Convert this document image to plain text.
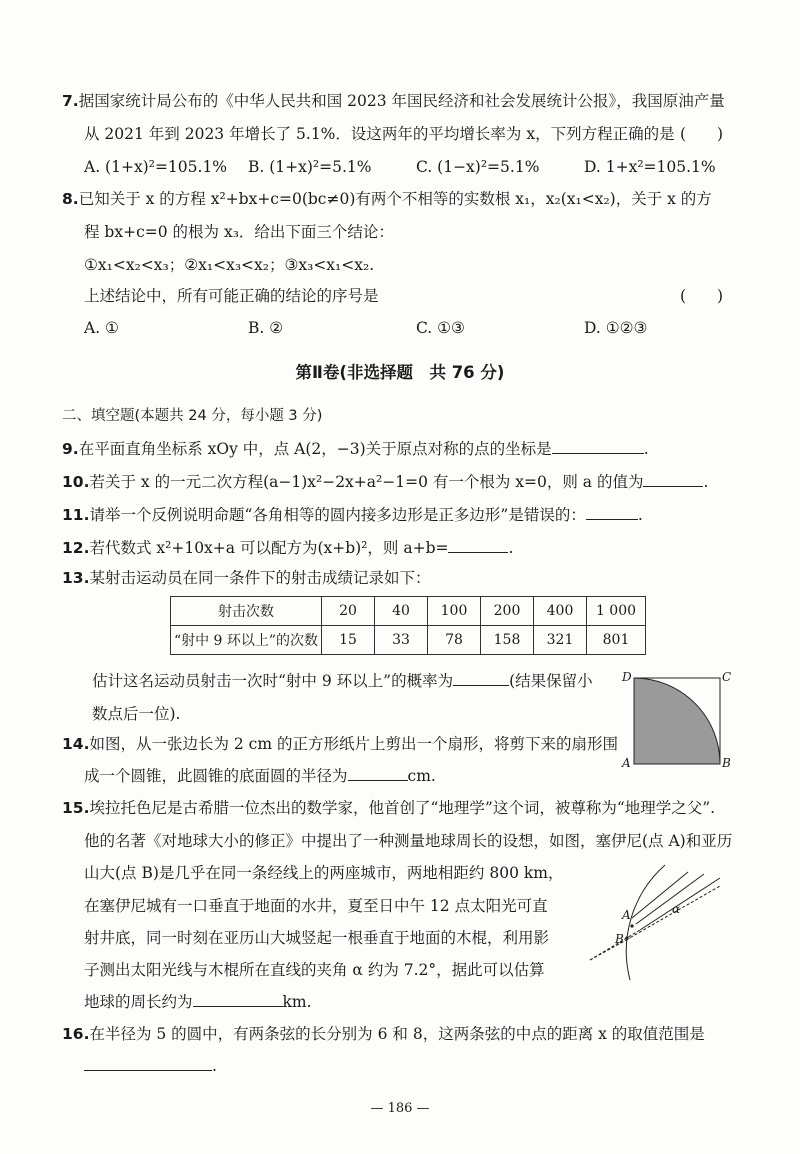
7.据国家统计局公布的《中华人民共和国 2023 年国民经济和社会发展统计公报》，我国原油产量
从 2021 年到 2023 年增长了 5.1%．设这两年的平均增长率为 x，下列方程正确的是 (　　)
A. (1+x)²=105.1% B. (1+x)²=5.1%	C. (1−x)²=5.1%	D. 1+x²=105.1%
8.已知关于 x 的方程 x²+bx+c=0(bc≠0)有两个不相等的实数根 x₁，x₂(x₁<x₂)，关于 x 的方
程 bx+c=0 的根为 x₃．给出下面三个结论：
①x₁<x₂<x₃；②x₁<x₃<x₂；③x₃<x₁<x₂.
上述结论中，所有可能正确的结论的序号是	(　　)
A. ①	B. ②	C. ①③	D. ①②③
第Ⅱ卷(非选择题　共 76 分)
二、填空题(本题共 24 分，每小题 3 分)
9.在平面直角坐标系 xOy 中，点 A(2，−3)关于原点对称的点的坐标是	.
10.若关于 x 的一元二次方程(a−1)x²−2x+a²−1=0 有一个根为 x=0，则 a 的值为	.
11.请举一个反例说明命题“各角相等的圆内接多边形是正多边形”是错误的：	.
12.若代数式 x²+10x+a 可以配方为(x+b)²，则 a+b=	.
13.某射击运动员在同一条件下的射击成绩记录如下：
射击次数	20	40	100	200	400	1 000
“射中 9 环以上”的次数	15	33	78	158	321	801
估计这名运动员射击一次时“射中 9 环以上”的概率为	(结果保留小
数点后一位).
D	C
A	B
14.如图，从一张边长为 2 cm 的正方形纸片上剪出一个扇形，将剪下来的扇形围
成一个圆锥，此圆锥的底面圆的半径为	cm.
15.埃拉托色尼是古希腊一位杰出的数学家，他首创了“地理学”这个词，被尊称为“地理学之父”.
他的名著《对地球大小的修正》中提出了一种测量地球周长的设想，如图，塞伊尼(点 A)和亚历
山大(点 B)是几乎在同一条经线上的两座城市，两地相距约 800 km，
在塞伊尼城有一口垂直于地面的水井，夏至日中午 12 点太阳光可直
射井底，同一时刻在亚历山大城竖起一根垂直于地面的木棍，利用影
子测出太阳光线与木棍所在直线的夹角 α 约为 7.2°，据此可以估算
地球的周长约为	km.
A
B
α
16.在半径为 5 的圆中，有两条弦的长分别为 6 和 8，这两条弦的中点的距离 x 的取值范围是
.
— 186 —
